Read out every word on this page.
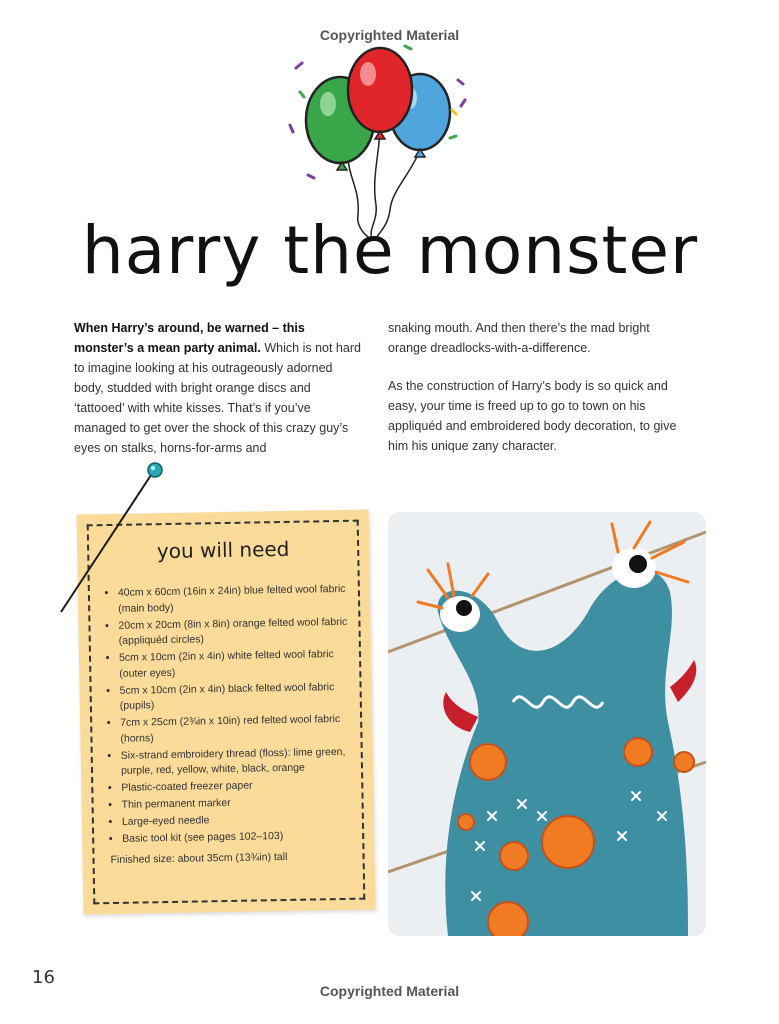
Copyrighted Material
harry the monster
When Harry’s around, be warned – this monster’s a mean party animal. Which is not hard to imagine looking at his outrageously adorned body, studded with bright orange discs and ‘tattooed’ with white kisses. That’s if you’ve managed to get over the shock of this crazy guy’s eyes on stalks, horns-for-arms and
snaking mouth. And then there’s the mad bright orange dreadlocks-with-a-difference.
As the construction of Harry’s body is so quick and easy, your time is freed up to go to town on his appliquéd and embroidered body decoration, to give him his unique zany character.
you will need
• 40cm x 60cm (16in x 24in) blue felted wool fabric (main body)
• 20cm x 20cm (8in x 8in) orange felted wool fabric (appliquéd circles)
• 5cm x 10cm (2in x 4in) white felted wool fabric (outer eyes)
• 5cm x 10cm (2in x 4in) black felted wool fabric (pupils)
• 7cm x 25cm (2¾in x 10in) red felted wool fabric (horns)
• Six-strand embroidery thread (floss): lime green, purple, red, yellow, white, black, orange
• Plastic-coated freezer paper
• Thin permanent marker
• Large-eyed needle
• Basic tool kit (see pages 102–103)
Finished size: about 35cm (13¾in) tall
16
Copyrighted Material
